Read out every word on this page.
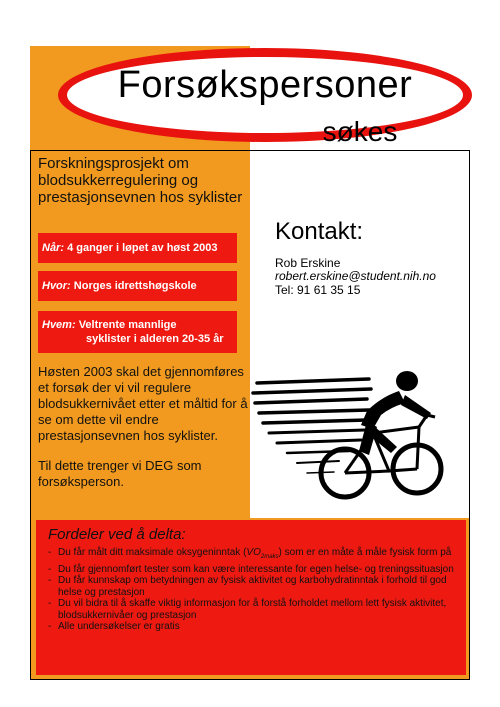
Forsøkspersoner
søkes

Forskningsprosjekt om blodsukkerregulering og prestasjonsevnen hos syklister

Når: 4 ganger i løpet av høst 2003
Hvor: Norges idrettshøgskole
Hvem: Veltrente mannlige
syklister i alderen 20-35 år

Høsten 2003 skal det gjennomføres et forsøk der vi vil regulere blodsukkernivået etter et måltid for å se om dette vil endre prestasjonsevnen hos syklister.

Til dette trenger vi DEG som forsøksperson.

Kontakt:

Rob Erskine

robert.erskine@student.nih.no

Tel: 91 61 35 15

Fordeler ved å delta:
- Du får målt ditt maksimale oksygeninntak $(VO_{2maks})$ som er en måte å måle fysisk form på
- Du får gjennomført tester som kan være interessante for egen helse- og treningssituasjon
- Du får kunnskap om betydningen av fysisk aktivitet og karbohydratinntak i forhold til god helse og prestasjon
- Du vil bidra til å skaffe viktig informasjon for å forstå forholdet mellom lett fysisk aktivitet, blodsukkernivåer og prestasjon
- Alle undersøkelser er gratis
